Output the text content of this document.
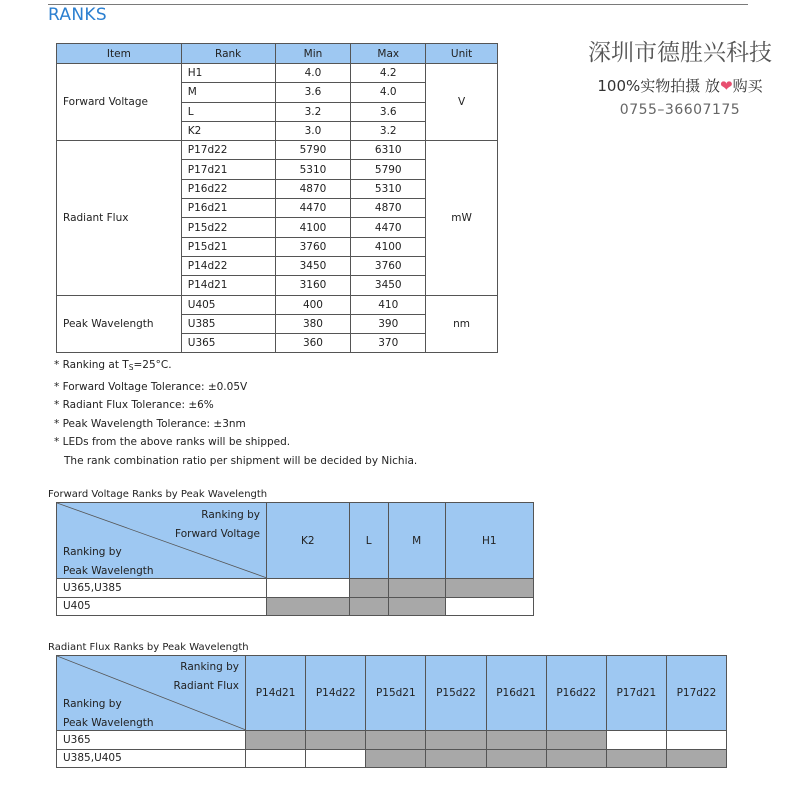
RANKS
深圳市德胜兴科技
100%实物拍摄 放❤购买
0755–36607175
Item	Rank	Min	Max	Unit
Forward Voltage	H1	4.0	4.2	V
	M	3.6	4.0	
	L	3.2	3.6	
	K2	3.0	3.2	
Radiant Flux	P17d22	5790	6310	mW
	P17d21	5310	5790	
	P16d22	4870	5310	
	P16d21	4470	4870	
	P15d22	4100	4470	
	P15d21	3760	4100	
	P14d22	3450	3760	
	P14d21	3160	3450	
Peak Wavelength	U405	400	410	nm
	U385	380	390	
	U365	360	370	
* Ranking at $T_S=25^\circ C$.
* Forward Voltage Tolerance: ±0.05V
* Radiant Flux Tolerance: ±6%
* Peak Wavelength Tolerance: ±3nm
* LEDs from the above ranks will be shipped.
The rank combination ratio per shipment will be decided by Nichia.
Forward Voltage Ranks by Peak Wavelength
Ranking by
Forward Voltage
Ranking by
Peak Wavelength	K2	L	M	H1
U365,U385				
U405				
Radiant Flux Ranks by Peak Wavelength
Ranking by
Radiant Flux
Ranking by
Peak Wavelength	P14d21	P14d22	P15d21	P15d22	P16d21	P16d22	P17d21	P17d22
U365								
U385,U405								
